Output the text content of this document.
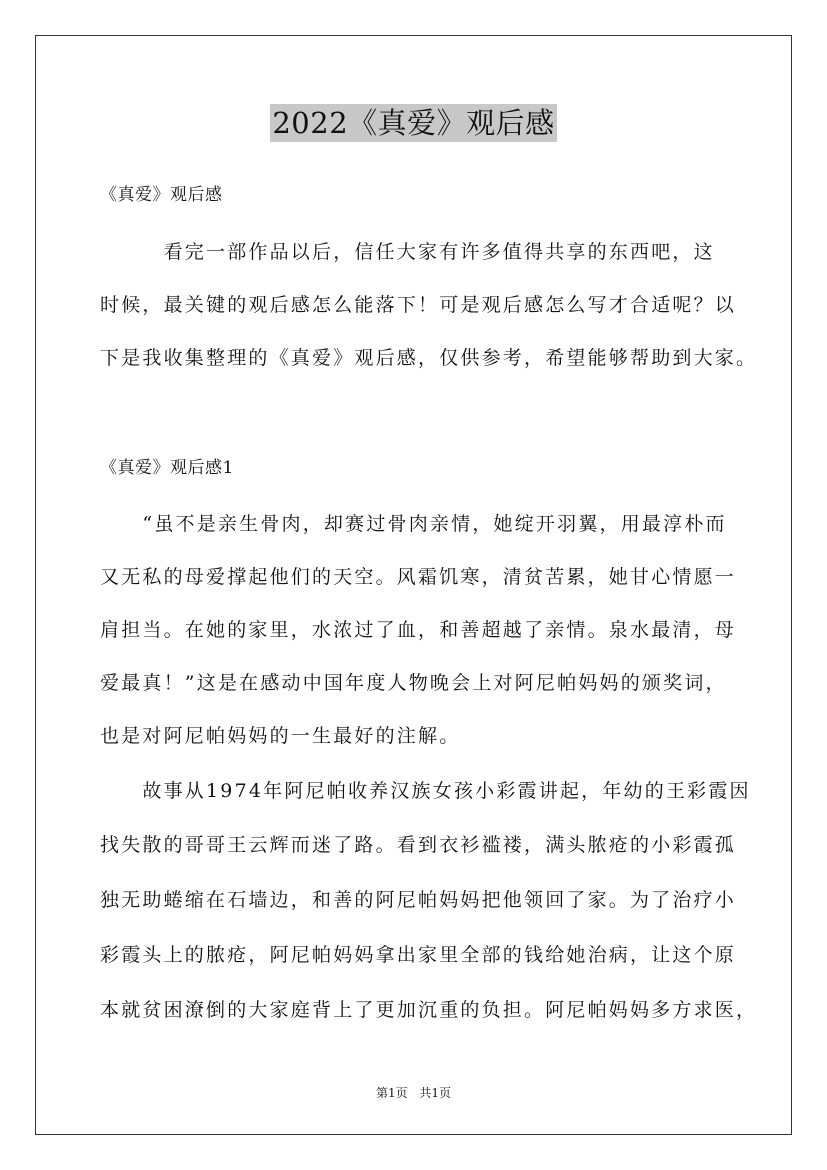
2022《真爱》观后感
《真爱》观后感
　　　看完一部作品以后，信任大家有许多值得共享的东西吧，这
时候，最关键的观后感怎么能落下！可是观后感怎么写才合适呢？以
下是我收集整理的《真爱》观后感，仅供参考，希望能够帮助到大家。
《真爱》观后感1
　　“虽不是亲生骨肉，却赛过骨肉亲情，她绽开羽翼，用最淳朴而
又无私的母爱撑起他们的天空。风霜饥寒，清贫苦累，她甘心情愿一
肩担当。在她的家里，水浓过了血，和善超越了亲情。泉水最清，母
爱最真！”这是在感动中国年度人物晚会上对阿尼帕妈妈的颁奖词，
也是对阿尼帕妈妈的一生最好的注解。
　　故事从1974年阿尼帕收养汉族女孩小彩霞讲起，年幼的王彩霞因
找失散的哥哥王云辉而迷了路。看到衣衫褴褛，满头脓疮的小彩霞孤
独无助蜷缩在石墙边，和善的阿尼帕妈妈把他领回了家。为了治疗小
彩霞头上的脓疮，阿尼帕妈妈拿出家里全部的钱给她治病，让这个原
本就贫困潦倒的大家庭背上了更加沉重的负担。阿尼帕妈妈多方求医，
第1页 共1页
